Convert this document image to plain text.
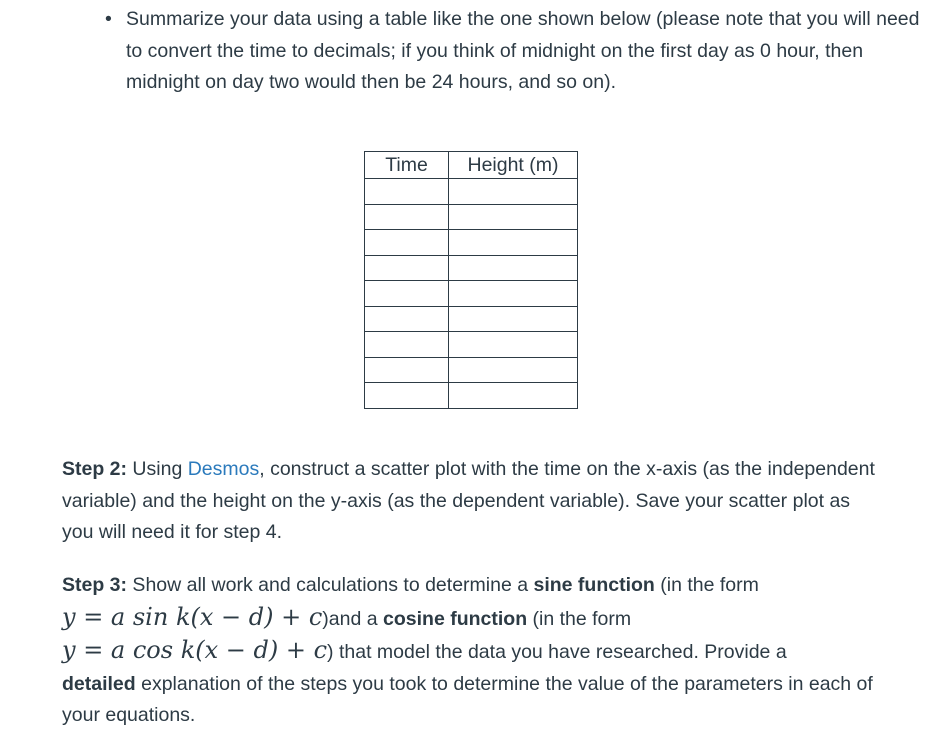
• Summarize your data using a table like the one shown below (please note that you will need to convert the time to decimals; if you think of midnight on the first day as 0 hour, then midnight on day two would then be 24 hours, and so on).
Time	Height (m)

Step 2: Using Desmos, construct a scatter plot with the time on the x-axis (as the independent variable) and the height on the y-axis (as the dependent variable). Save your scatter plot as you will need it for step 4.
Step 3: Show all work and calculations to determine a sine function (in the form
y = a sin k(x − d) + c)and a cosine function (in the form
y = a cos k(x − d) + c) that model the data you have researched. Provide a
detailed explanation of the steps you took to determine the value of the parameters in each of your equations.
